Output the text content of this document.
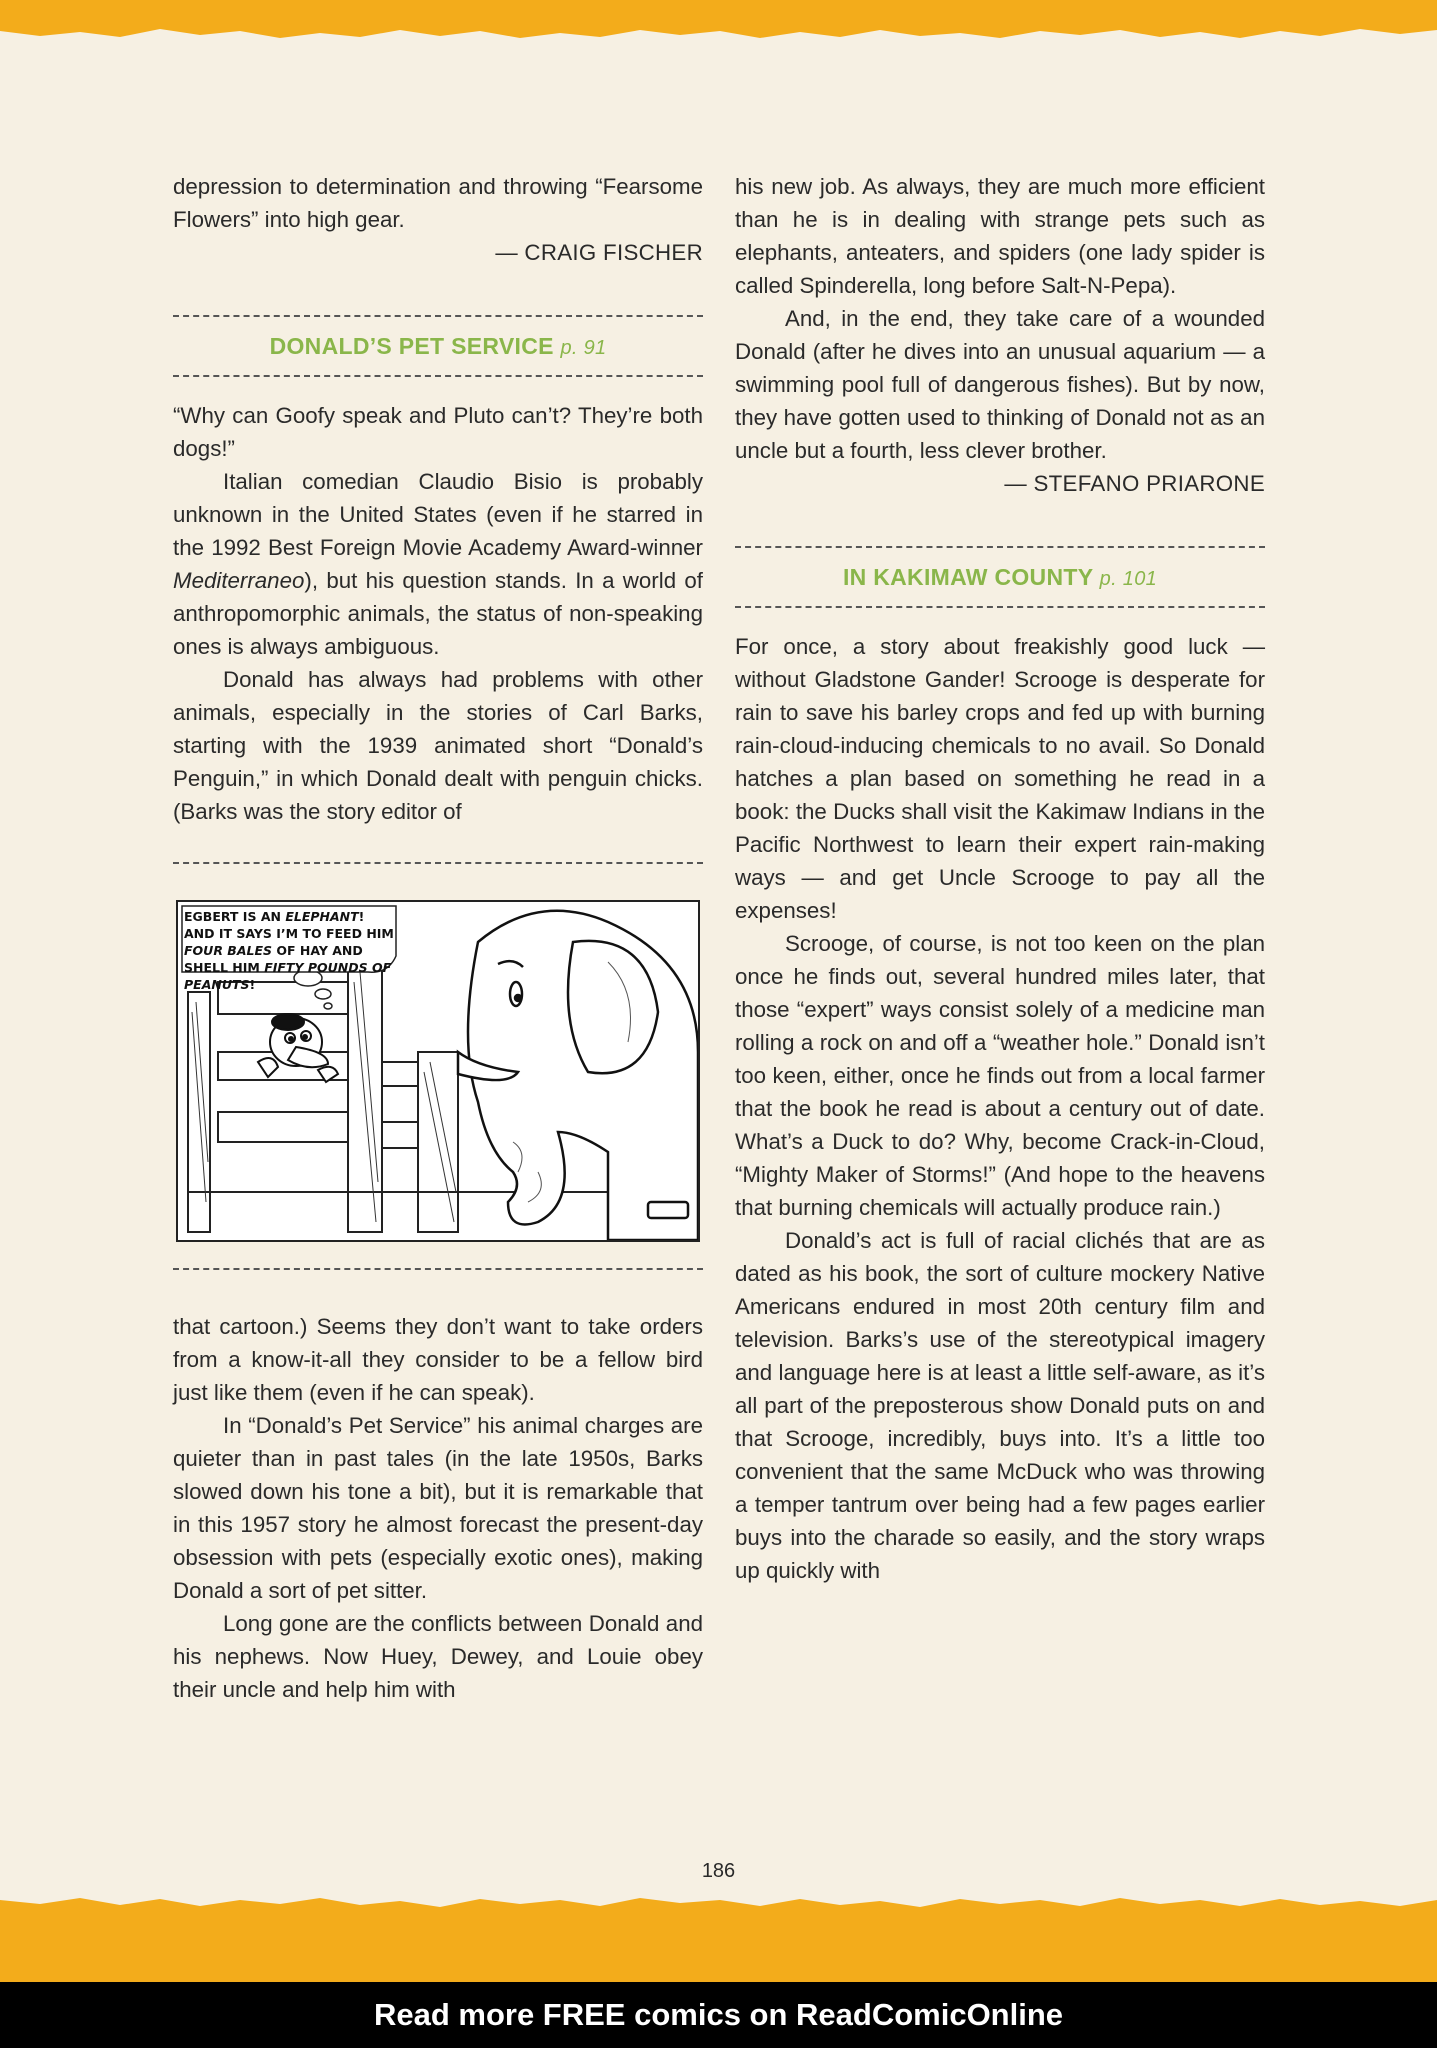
depression to determination and throwing “Fearsome Flowers” into high gear.

— CRAIG FISCHER
DONALD’S PET SERVICE p. 91

“Why can Goofy speak and Pluto can’t? They’re both dogs!”

Italian comedian Claudio Bisio is probably unknown in the United States (even if he starred in the 1992 Best Foreign Movie Academy Award-winner Mediterraneo), but his question stands. In a world of anthropomorphic animals, the status of non-speaking ones is always ambiguous.

Donald has always had problems with other animals, especially in the stories of Carl Barks, starting with the 1939 animated short “Donald’s Penguin,” in which Donald dealt with penguin chicks. (Barks was the story editor of

EGBERT IS AN ELEPHANT! AND IT SAYS I’M TO FEED HIM FOUR BALES OF HAY AND SHELL HIM FIFTY POUNDS OF PEANUTS!

that cartoon.) Seems they don’t want to take orders from a know-it-all they consider to be a fellow bird just like them (even if he can speak).

In “Donald’s Pet Service” his animal charges are quieter than in past tales (in the late 1950s, Barks slowed down his tone a bit), but it is remarkable that in this 1957 story he almost forecast the present-day obsession with pets (especially exotic ones), making Donald a sort of pet sitter.

Long gone are the conflicts between Donald and his nephews. Now Huey, Dewey, and Louie obey their uncle and help him with

his new job. As always, they are much more efficient than he is in dealing with strange pets such as elephants, anteaters, and spiders (one lady spider is called Spinderella, long before Salt-N-Pepa).

And, in the end, they take care of a wounded Donald (after he dives into an unusual aquarium — a swimming pool full of dangerous fishes). But by now, they have gotten used to thinking of Donald not as an uncle but a fourth, less clever brother.

— STEFANO PRIARONE
IN KAKIMAW COUNTY p. 101

For once, a story about freakishly good luck — without Gladstone Gander! Scrooge is desperate for rain to save his barley crops and fed up with burning rain-cloud-inducing chemicals to no avail. So Donald hatches a plan based on something he read in a book: the Ducks shall visit the Kakimaw Indians in the Pacific Northwest to learn their expert rain-making ways — and get Uncle Scrooge to pay all the expenses!

Scrooge, of course, is not too keen on the plan once he finds out, several hundred miles later, that those “expert” ways consist solely of a medicine man rolling a rock on and off a “weather hole.” Donald isn’t too keen, either, once he finds out from a local farmer that the book he read is about a century out of date. What’s a Duck to do? Why, become Crack-in-Cloud, “Mighty Maker of Storms!” (And hope to the heavens that burning chemicals will actually produce rain.)

Donald’s act is full of racial clichés that are as dated as his book, the sort of culture mockery Native Americans endured in most 20th century film and television. Barks’s use of the stereotypical imagery and language here is at least a little self-aware, as it’s all part of the preposterous show Donald puts on and that Scrooge, incredibly, buys into. It’s a little too convenient that the same McDuck who was throwing a temper tantrum over being had a few pages earlier buys into the charade so easily, and the story wraps up quickly with

186
Read more FREE comics on ReadComicOnline
